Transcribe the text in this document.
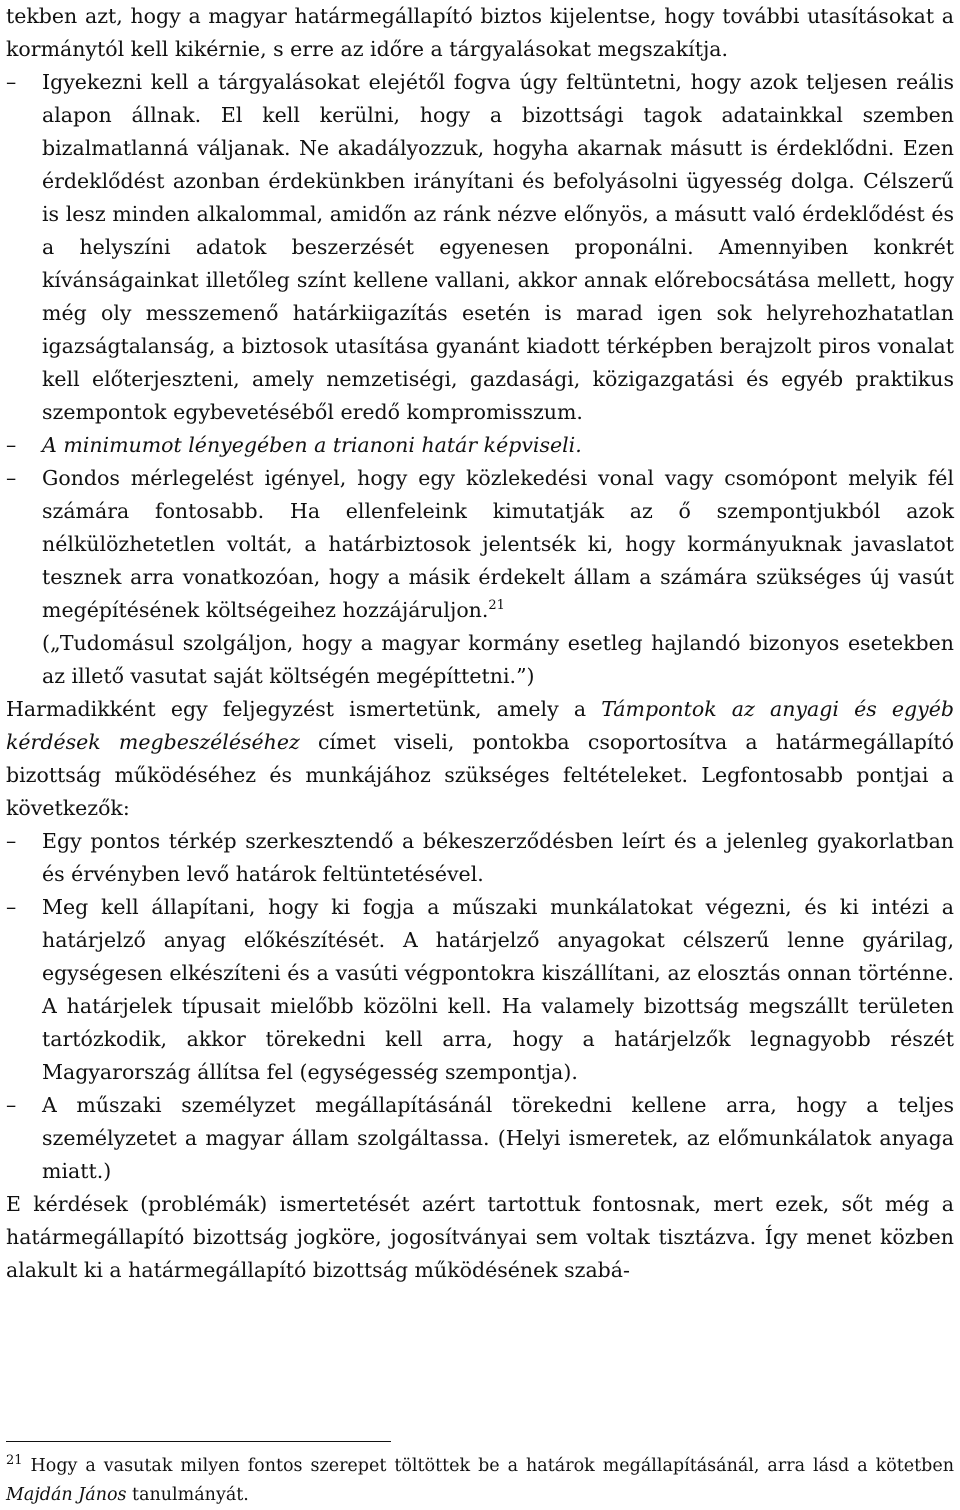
tekben azt, hogy a magyar határmegállapító biztos kijelentse, hogy további utasításokat a kormánytól kell kikérnie, s erre az időre a tárgyalásokat megszakítja.

– Igyekezni kell a tárgyalásokat elejétől fogva úgy feltüntetni, hogy azok teljesen reális alapon állnak. El kell kerülni, hogy a bizottsági tagok adatainkkal szemben bizalmatlanná váljanak. Ne akadályozzuk, hogyha akarnak másutt is érdeklődni. Ezen érdeklődést azonban érdekünkben irányítani és befolyásolni ügyesség dolga. Célszerű is lesz minden alkalommal, amidőn az ránk nézve előnyös, a másutt való érdeklődést és a helyszíni adatok beszerzését egyenesen proponálni. Amennyiben konkrét kívánságainkat illetőleg színt kellene vallani, akkor annak előrebocsátása mellett, hogy még oly messzemenő határkiigazítás esetén is marad igen sok helyrehozhatatlan igazságtalanság, a biztosok utasítása gyanánt kiadott térképben berajzolt piros vonalat kell előterjeszteni, amely nemzetiségi, gazdasági, közigazgatási és egyéb praktikus szempontok egybevetéséből eredő kompromisszum.

– A minimumot lényegében a trianoni határ képviseli.

– Gondos mérlegelést igényel, hogy egy közlekedési vonal vagy csomópont melyik fél számára fontosabb. Ha ellenfeleink kimutatják az ő szempontjukból azok nélkülözhetetlen voltát, a határbiztosok jelentsék ki, hogy kormányuknak javaslatot tesznek arra vonatkozóan, hogy a másik érdekelt állam a számára szükséges új vasút megépítésének költségeihez hozzájáruljon.$^{21}$

(„Tudomásul szolgáljon, hogy a magyar kormány esetleg hajlandó bizonyos esetekben az illető vasutat saját költségén megépíttetni.”)

Harmadikként egy feljegyzést ismertetünk, amely a Támpontok az anyagi és egyéb kérdések megbeszéléséhez címet viseli, pontokba csoportosítva a határmegállapító bizottság működéséhez és munkájához szükséges feltételeket. Legfontosabb pontjai a következők:

– Egy pontos térkép szerkesztendő a békeszerződésben leírt és a jelenleg gyakorlatban és érvényben levő határok feltüntetésével.

– Meg kell állapítani, hogy ki fogja a műszaki munkálatokat végezni, és ki intézi a határjelző anyag előkészítését. A határjelző anyagokat célszerű lenne gyárilag, egységesen elkészíteni és a vasúti végpontokra kiszállítani, az elosztás onnan történne. A határjelek típusait mielőbb közölni kell. Ha valamely bizottság megszállt területen tartózkodik, akkor törekedni kell arra, hogy a határjelzők legnagyobb részét Magyarország állítsa fel (egységesség szempontja).

– A műszaki személyzet megállapításánál törekedni kellene arra, hogy a teljes személyzetet a magyar állam szolgáltassa. (Helyi ismeretek, az előmunkálatok anyaga miatt.)

E kérdések (problémák) ismertetését azért tartottuk fontosnak, mert ezek, sőt még a határmegállapító bizottság jogköre, jogosítványai sem voltak tisztázva. Így menet közben alakult ki a határmegállapító bizottság működésének szabá-

$^{21}$ Hogy a vasutak milyen fontos szerepet töltöttek be a határok megállapításánál, arra lásd a kötetben Majdán János tanulmányát.
